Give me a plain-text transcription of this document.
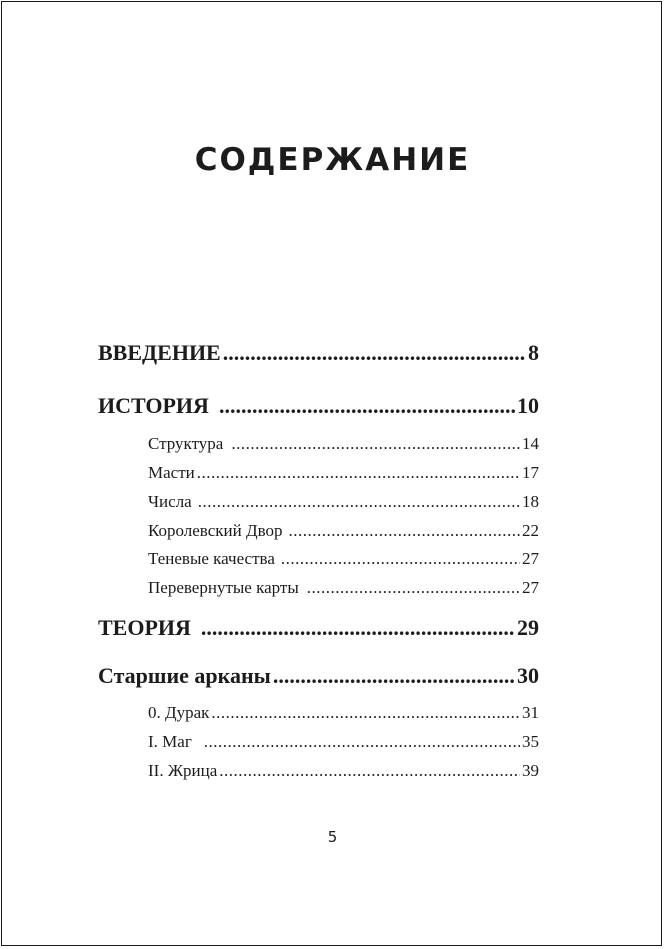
СОДЕРЖАНИЕ
ВВЕДЕНИЕ .....	8
ИСТОРИЯ .....	10
Структура .....	14
Масти .....	17
Числа .....	18
Королевский Двор .....	22
Теневые качества .....	27
Перевернутые карты .....	27
ТЕОРИЯ .....	29
Старшие арканы .....	30
0. Дурак .....	31
I. Маг .....	35
II. Жрица .....	39
5
